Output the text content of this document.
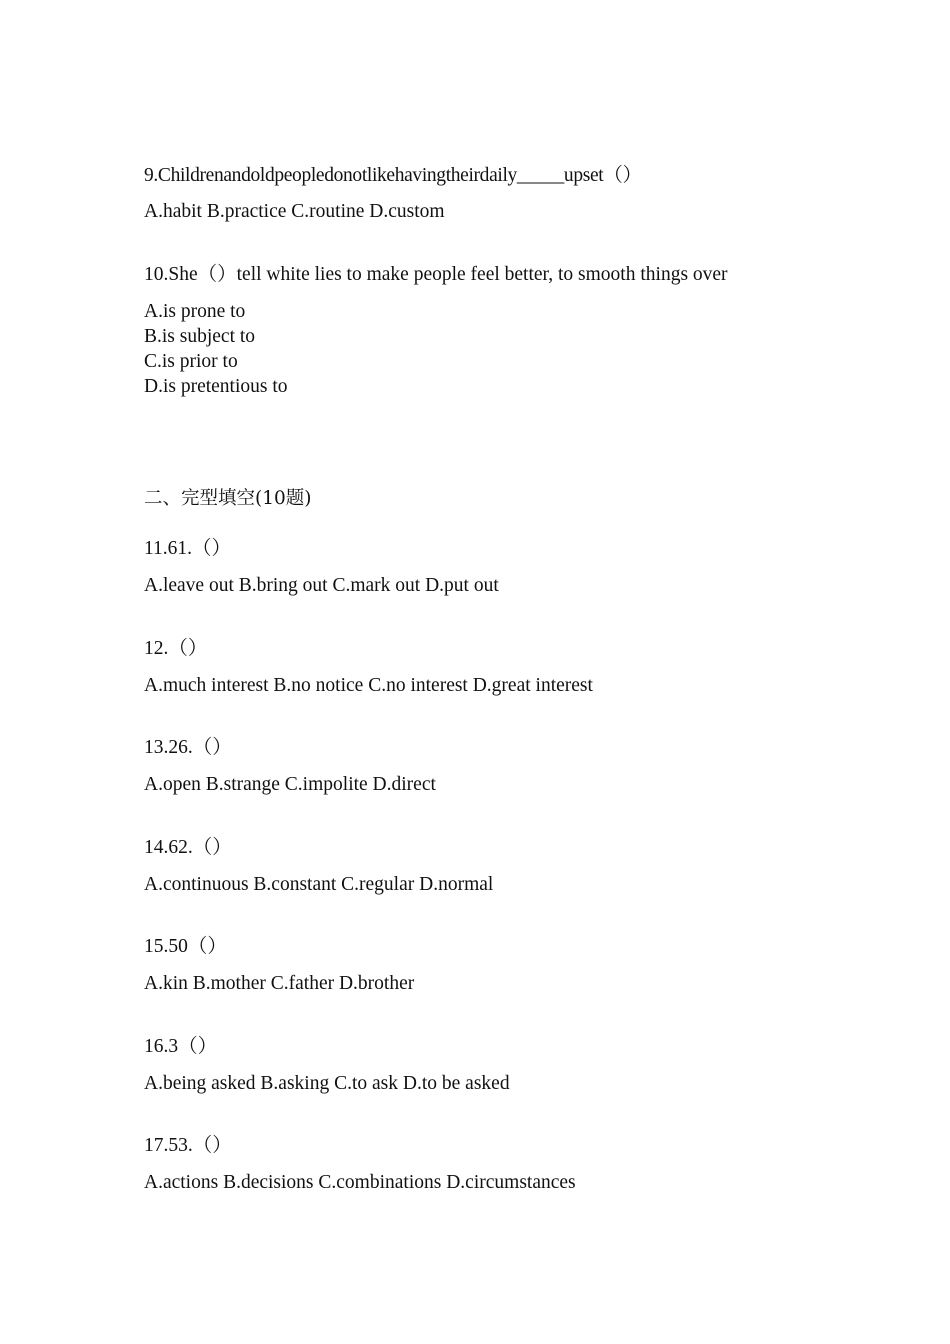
9.Childrenandoldpeopledonotlikehavingtheirdaily_____upset（）
A.habit B.practice C.routine D.custom
10.She（）tell white lies to make people feel better, to smooth things over
A.is prone to
B.is subject to
C.is prior to
D.is pretentious to
二、完型填空(10题)
11.61.（）
A.leave out B.bring out C.mark out D.put out
12.（）
A.much interest B.no notice C.no interest D.great interest
13.26.（）
A.open B.strange C.impolite D.direct
14.62.（）
A.continuous B.constant C.regular D.normal
15.50（）
A.kin B.mother C.father D.brother
16.3（）
A.being asked B.asking C.to ask D.to be asked
17.53.（）
A.actions B.decisions C.combinations D.circumstances
